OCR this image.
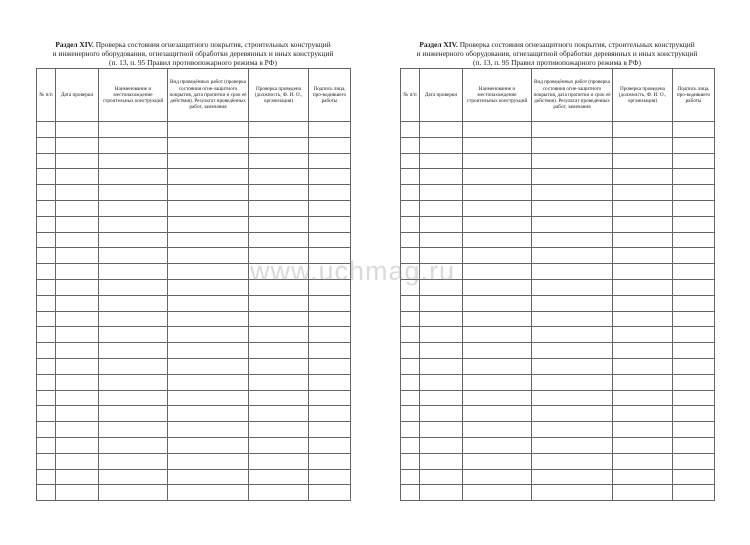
Раздел XIV. Проверка состояния огнезащитного покрытия, строительных конструкций
и инженерного оборудования, огнезащитной обработки деревянных и иных конструкций
(п. 13, п. 95 Правил противопожарного режима в РФ)
№ п/п	Дата проверки	Наименование и местонахождение строительных конструкций	Вид проведённых работ (проверка состояния огне-защитного покрытия, дата пропитки и срок её действия). Результат проведённых работ, замечания	Проверка проведена (должность, Ф. И. О., организация)	Подпись лица, про-водившего работы

Раздел XIV. Проверка состояния огнезащитного покрытия, строительных конструкций
и инженерного оборудования, огнезащитной обработки деревянных и иных конструкций
(п. 13, п. 95 Правил противопожарного режима в РФ)
№ п/п	Дата проверки	Наименование и местонахождение строительных конструкций	Вид проведённых работ (проверка состояния огне-защитного покрытия, дата пропитки и срок её действия). Результат проведённых работ, замечания	Проверка проведена (должность, Ф. И. О., организация)	Подпись лица, про-водившего работы

www.uchmag.ru
